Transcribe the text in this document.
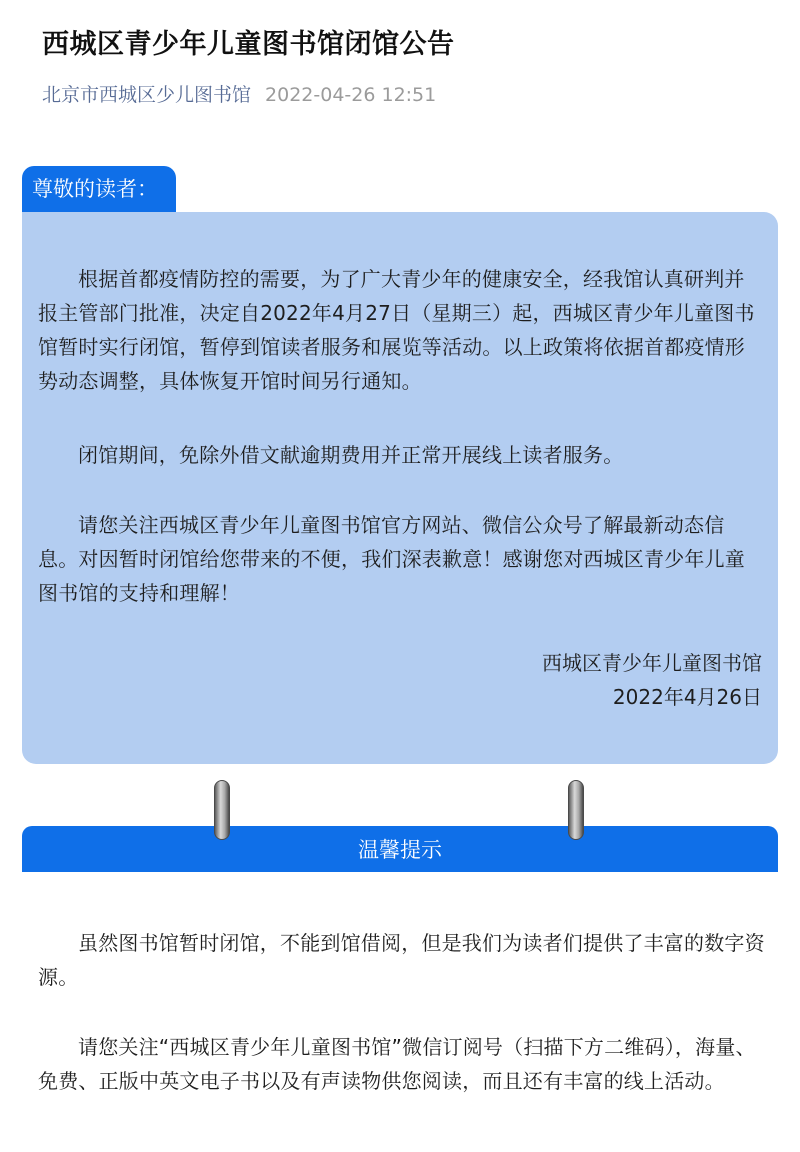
西城区青少年儿童图书馆闭馆公告
北京市西城区少儿图书馆 2022-04-26 12:51
尊敬的读者：
根据首都疫情防控的需要，为了广大青少年的健康安全，经我馆认真研判并报主管部门批准，决定自2022年4月27日（星期三）起，西城区青少年儿童图书馆暂时实行闭馆，暂停到馆读者服务和展览等活动。以上政策将依据首都疫情形势动态调整，具体恢复开馆时间另行通知。
闭馆期间，免除外借文献逾期费用并正常开展线上读者服务。
请您关注西城区青少年儿童图书馆官方网站、微信公众号了解最新动态信息。对因暂时闭馆给您带来的不便，我们深表歉意！感谢您对西城区青少年儿童图书馆的支持和理解！
西城区青少年儿童图书馆
2022年4月26日
温馨提示
虽然图书馆暂时闭馆，不能到馆借阅，但是我们为读者们提供了丰富的数字资源。
请您关注“西城区青少年儿童图书馆”微信订阅号（扫描下方二维码），海量、免费、正版中英文电子书以及有声读物供您阅读，而且还有丰富的线上活动。
